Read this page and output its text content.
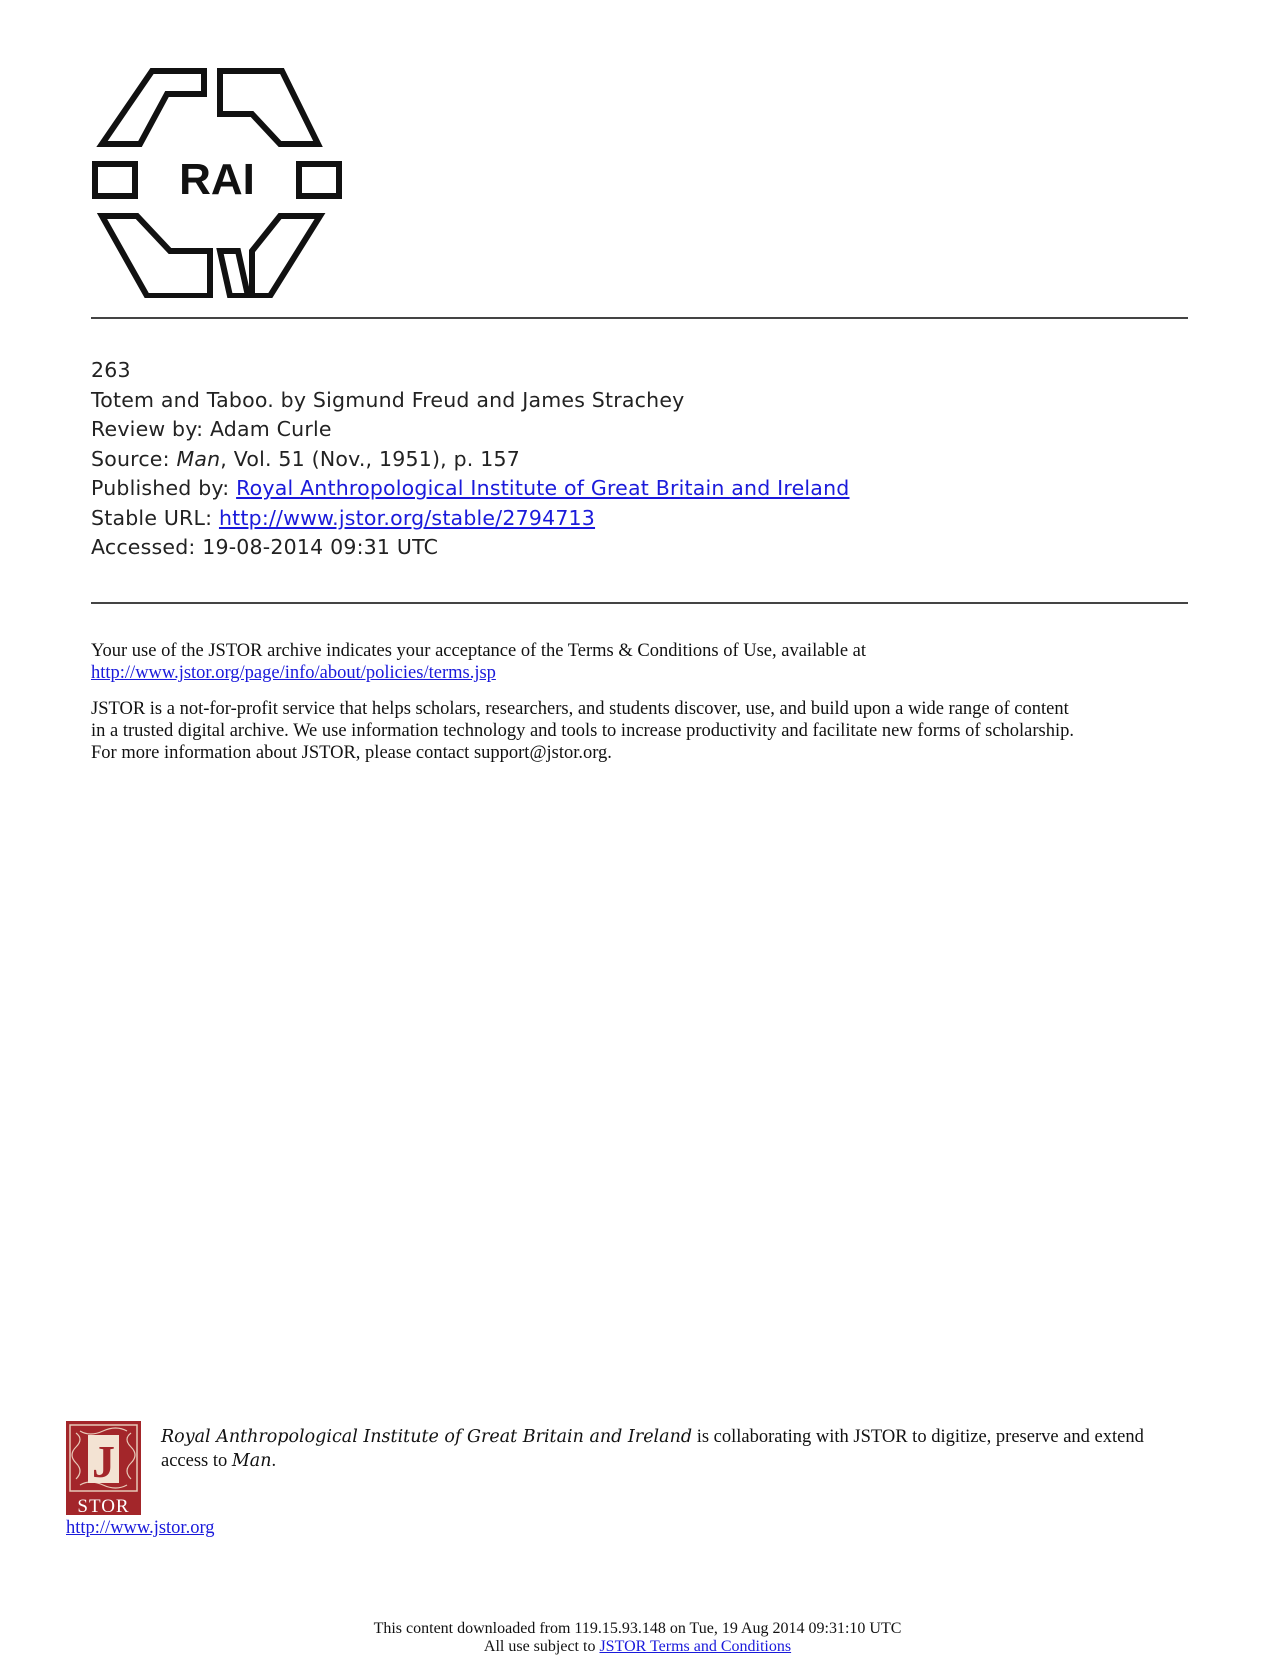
RAI
263
Totem and Taboo. by Sigmund Freud and James Strachey
Review by: Adam Curle
Source: Man, Vol. 51 (Nov., 1951), p. 157
Published by: Royal Anthropological Institute of Great Britain and Ireland
Stable URL: http://www.jstor.org/stable/2794713
Accessed: 19-08-2014 09:31 UTC

Your use of the JSTOR archive indicates your acceptance of the Terms & Conditions of Use, available at
http://www.jstor.org/page/info/about/policies/terms.jsp

JSTOR is a not-for-profit service that helps scholars, researchers, and students discover, use, and build upon a wide range of content
in a trusted digital archive. We use information technology and tools to increase productivity and facilitate new forms of scholarship.
For more information about JSTOR, please contact support@jstor.org.

J
STOR
Royal Anthropological Institute of Great Britain and Ireland is collaborating with JSTOR to digitize, preserve and extend
access to Man.
http://www.jstor.org
This content downloaded from 119.15.93.148 on Tue, 19 Aug 2014 09:31:10 UTC
All use subject to JSTOR Terms and Conditions
